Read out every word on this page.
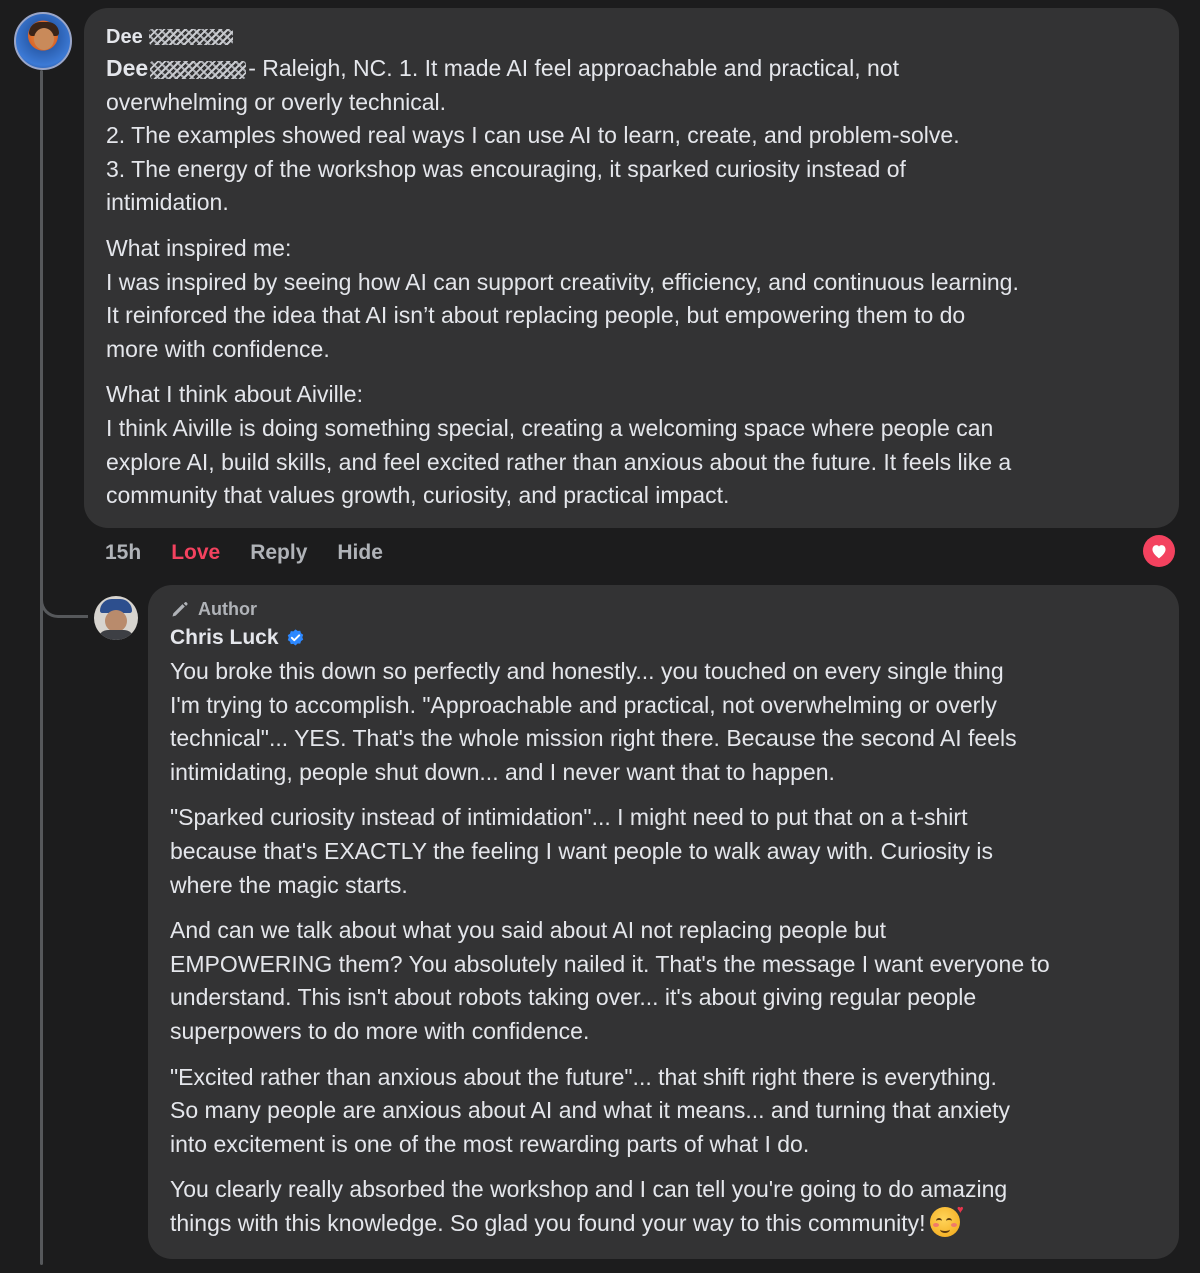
Dee

Dee	- Raleigh, NC. 1. It made AI feel approachable and practical, not
overwhelming or overly technical.
2. The examples showed real ways I can use AI to learn, create, and problem-solve.
3. The energy of the workshop was encouraging, it sparked curiosity instead of
intimidation.

What inspired me:
I was inspired by seeing how AI can support creativity, efficiency, and continuous learning.
It reinforced the idea that AI isn’t about replacing people, but empowering them to do
more with confidence.

What I think about Aiville:
I think Aiville is doing something special, creating a welcoming space where people can
explore AI, build skills, and feel excited rather than anxious about the future. It feels like a
community that values growth, curiosity, and practical impact.

15h Love Reply Hide
Author
Chris Luck

You broke this down so perfectly and honestly... you touched on every single thing
I'm trying to accomplish. "Approachable and practical, not overwhelming or overly
technical"... YES. That's the whole mission right there. Because the second AI feels
intimidating, people shut down... and I never want that to happen.

"Sparked curiosity instead of intimidation"... I might need to put that on a t-shirt
because that's EXACTLY the feeling I want people to walk away with. Curiosity is
where the magic starts.

And can we talk about what you said about AI not replacing people but
EMPOWERING them? You absolutely nailed it. That's the message I want everyone to
understand. This isn't about robots taking over... it's about giving regular people
superpowers to do more with confidence.

"Excited rather than anxious about the future"... that shift right there is everything.
So many people are anxious about AI and what it means... and turning that anxiety
into excitement is one of the most rewarding parts of what I do.

You clearly really absorbed the workshop and I can tell you're going to do amazing
things with this knowledge. So glad you found your way to this community!	♥
